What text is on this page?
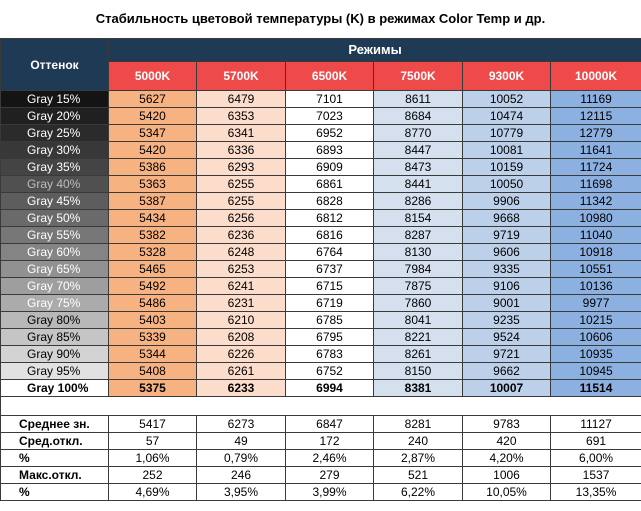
Стабильность цветовой температуры (K) в режимах Color Temp и др.
Оттенок	Режимы					
	5000K	5700K	6500K	7500K	9300K	10000K
Gray 15%	5627	6479	7101	8611	10052	11169
Gray 20%	5420	6353	7023	8684	10474	12115
Gray 25%	5347	6341	6952	8770	10779	12779
Gray 30%	5420	6336	6893	8447	10081	11641
Gray 35%	5386	6293	6909	8473	10159	11724
Gray 40%	5363	6255	6861	8441	10050	11698
Gray 45%	5387	6255	6828	8286	9906	11342
Gray 50%	5434	6256	6812	8154	9668	10980
Gray 55%	5382	6236	6816	8287	9719	11040
Gray 60%	5328	6248	6764	8130	9606	10918
Gray 65%	5465	6253	6737	7984	9335	10551
Gray 70%	5492	6241	6715	7875	9106	10136
Gray 75%	5486	6231	6719	7860	9001	9977
Gray 80%	5403	6210	6785	8041	9235	10215
Gray 85%	5339	6208	6795	8221	9524	10606
Gray 90%	5344	6226	6783	8261	9721	10935
Gray 95%	5408	6261	6752	8150	9662	10945
Gray 100%	5375	6233	6994	8381	10007	11514

Среднее зн.	5417	6273	6847	8281	9783	11127
Сред.откл.	57	49	172	240	420	691
%	1,06%	0,79%	2,46%	2,87%	4,20%	6,00%
Макс.откл.	252	246	279	521	1006	1537
%	4,69%	3,95%	3,99%	6,22%	10,05%	13,35%
